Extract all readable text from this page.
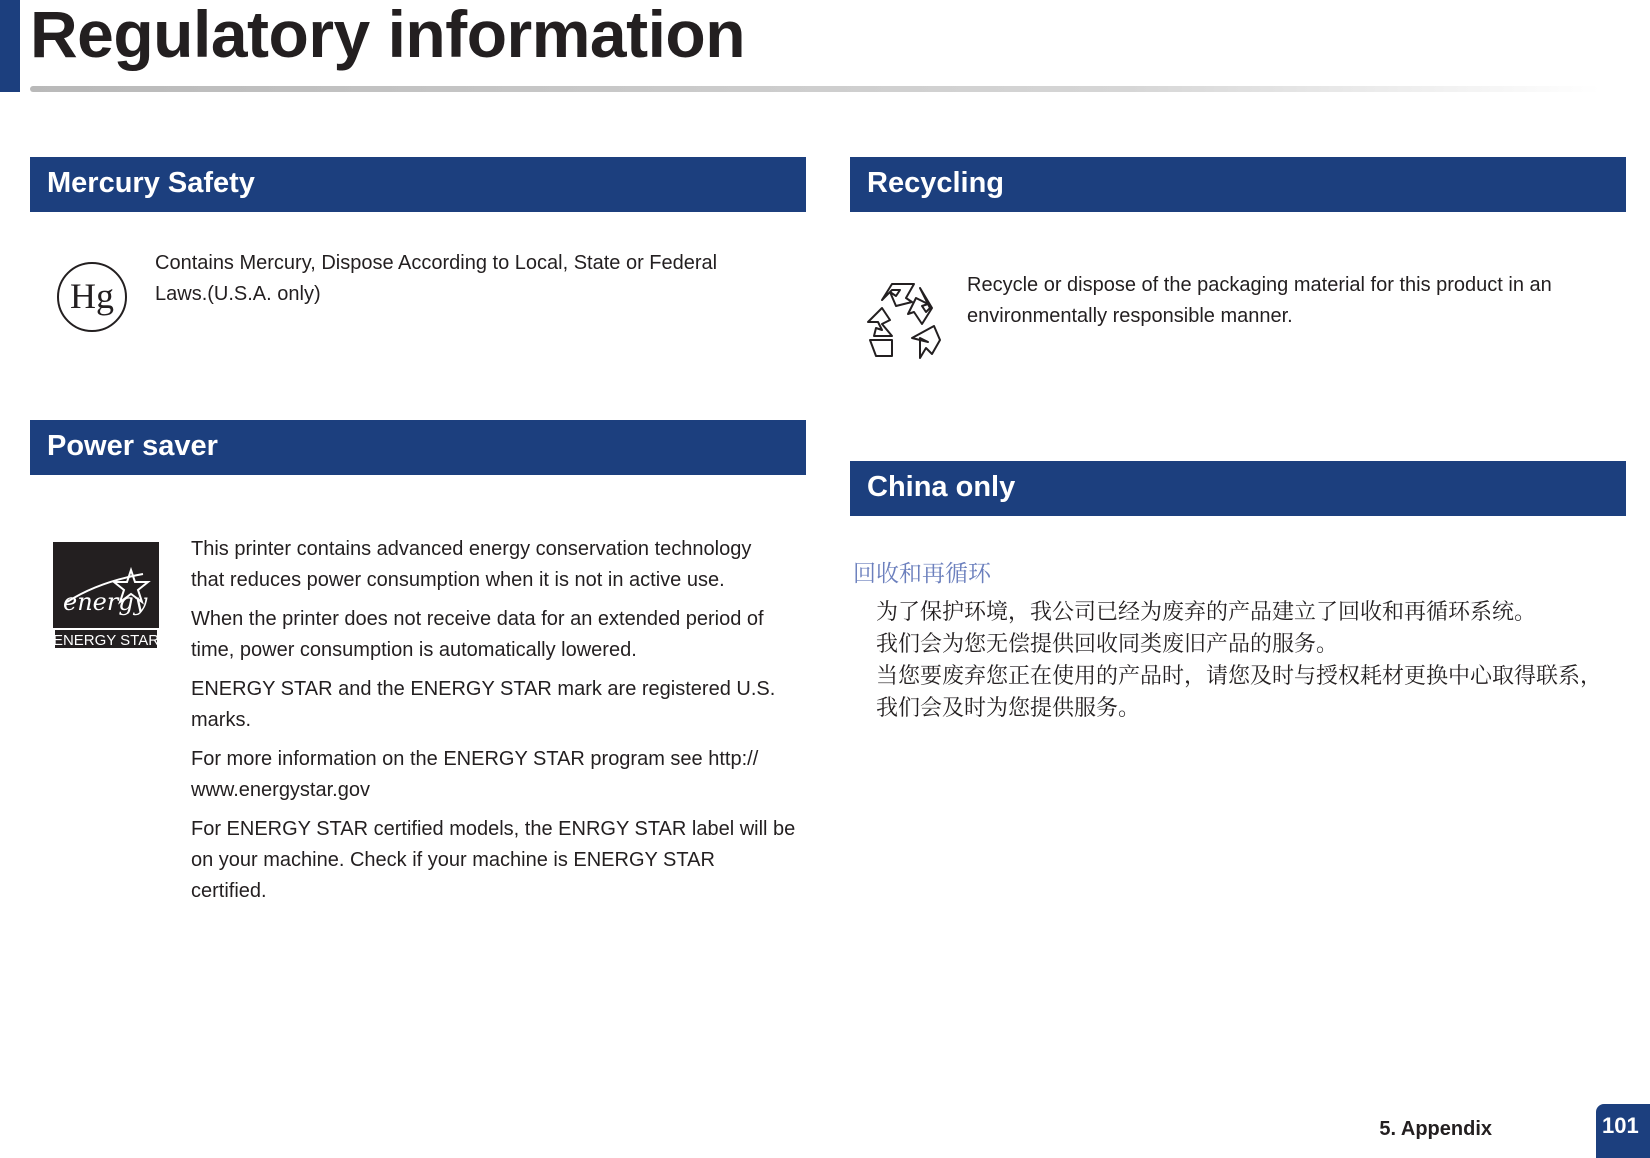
Regulatory information
Mercury Safety
Hg
Contains Mercury, Dispose According to Local, State or Federal
Laws.(U.S.A. only)
Power saver
energy
ENERGY STAR

This printer contains advanced energy conservation technology
that reduces power consumption when it is not in active use.

When the printer does not receive data for an extended period of
time, power consumption is automatically lowered.

ENERGY STAR and the ENERGY STAR mark are registered U.S.
marks.

For more information on the ENERGY STAR program see http://
www.energystar.gov

For ENERGY STAR certified models, the ENRGY STAR label will be
on your machine. Check if your machine is ENERGY STAR
certified.

Recycling
Recycle or dispose of the packaging material for this product in an
environmentally responsible manner.
China only
回收和再循环
为了保护环境，我公司已经为废弃的产品建立了回收和再循环系统。
我们会为您无偿提供回收同类废旧产品的服务。
当您要废弃您正在使用的产品时，请您及时与授权耗材更换中心取得联系，
我们会及时为您提供服务。
5. Appendix	101
